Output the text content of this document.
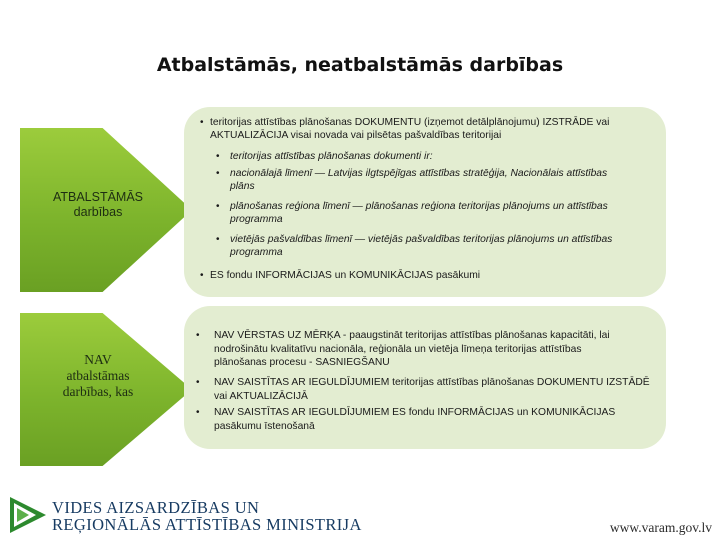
Atbalstāmās, neatbalstāmās darbības
ATBALSTĀMĀS
darbības
• teritorijas attīstības plānošanas DOKUMENTU (izņemot detālplānojumu) IZSTRĀDE vai
AKTUALIZĀCIJA visai novada vai pilsētas pašvaldības teritorijai
• teritorijas attīstības plānošanas dokumenti ir:
• nacionālajā līmenī — Latvijas ilgtspējīgas attīstības stratēģija, Nacionālais attīstības
plāns
• plānošanas reģiona līmenī — plānošanas reģiona teritorijas plānojums un attīstības
programma
• vietējās pašvaldības līmenī — vietējās pašvaldības teritorijas plānojums un attīstības
programma
• ES fondu INFORMĀCIJAS un KOMUNIKĀCIJAS pasākumi
NAV
atbalstāmas
darbības, kas
• NAV VĒRSTAS UZ MĒRĶA - paaugstināt teritorijas attīstības plānošanas kapacitāti, lai
nodrošinātu kvalitatīvu nacionāla, reģionāla un vietēja līmeņa teritorijas attīstības
plānošanas procesu - SASNIEGŠANU
• NAV SAISTĪTAS AR IEGULDĪJUMIEM teritorijas attīstības plānošanas DOKUMENTU IZSTĀDĒ
vai AKTUALIZĀCIJĀ
• NAV SAISTĪTAS AR IEGULDĪJUMIEM ES fondu INFORMĀCIJAS un KOMUNIKĀCIJAS
pasākumu īstenošanā
VIDES AIZSARDZĪBAS UN
REĢIONĀLĀS ATTĪSTĪBAS MINISTRIJA	www.varam.gov.lv
